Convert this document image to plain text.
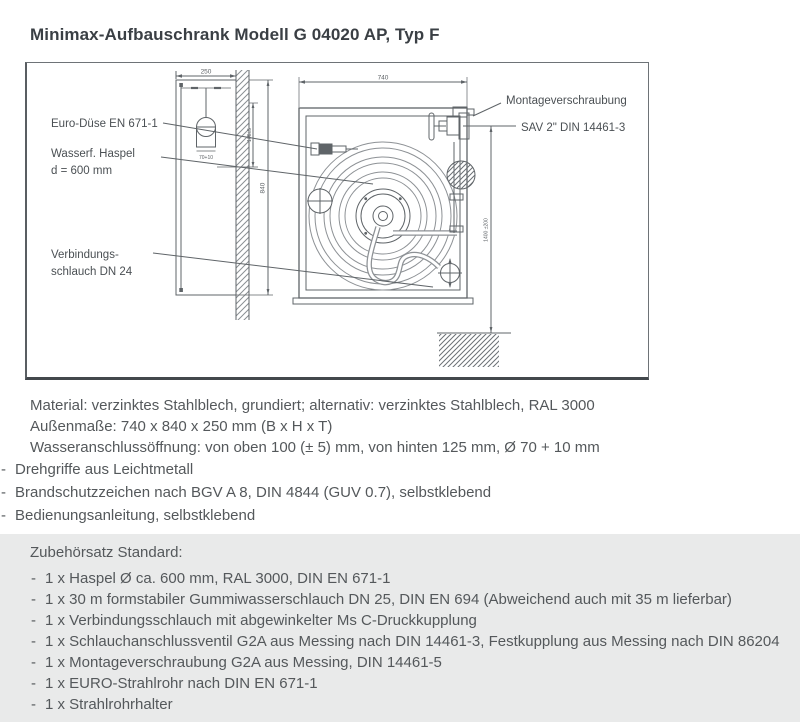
Minimax-Aufbauschrank Modell G 04020 AP, Typ F
Euro-Düse EN 671-1
Wasserf. Haspel
d = 600 mm
Verbindungs-
schlauch DN 24
Montageverschraubung
SAV 2" DIN 14461-3
250
740
70+10
100±5
840
1400 ±200
Material: verzinktes Stahlblech, grundiert; alternativ: verzinktes Stahlblech, RAL 3000
Außenmaße: 740 x 840 x 250 mm (B x H x T)
Wasseranschlussöffnung: von oben 100 (± 5) mm, von hinten 125 mm, Ø 70 + 10 mm
- Drehgriffe aus Leichtmetall
- Brandschutzzeichen nach BGV A 8, DIN 4844 (GUV 0.7), selbstklebend
- Bedienungsanleitung, selbstklebend

Zubehörsatz Standard:

- 1 x Haspel Ø ca. 600 mm, RAL 3000, DIN EN 671-1
- 1 x 30 m formstabiler Gummiwasserschlauch DN 25, DIN EN 694 (Abweichend auch mit 35 m lieferbar)
- 1 x Verbindungsschlauch mit abgewinkelter Ms C-Druckkupplung
- 1 x Schlauchanschlussventil G2A aus Messing nach DIN 14461-3, Festkupplung aus Messing nach DIN 86204
- 1 x Montageverschraubung G2A aus Messing, DIN 14461-5
- 1 x EURO-Strahlrohr nach DIN EN 671-1
- 1 x Strahlrohrhalter
